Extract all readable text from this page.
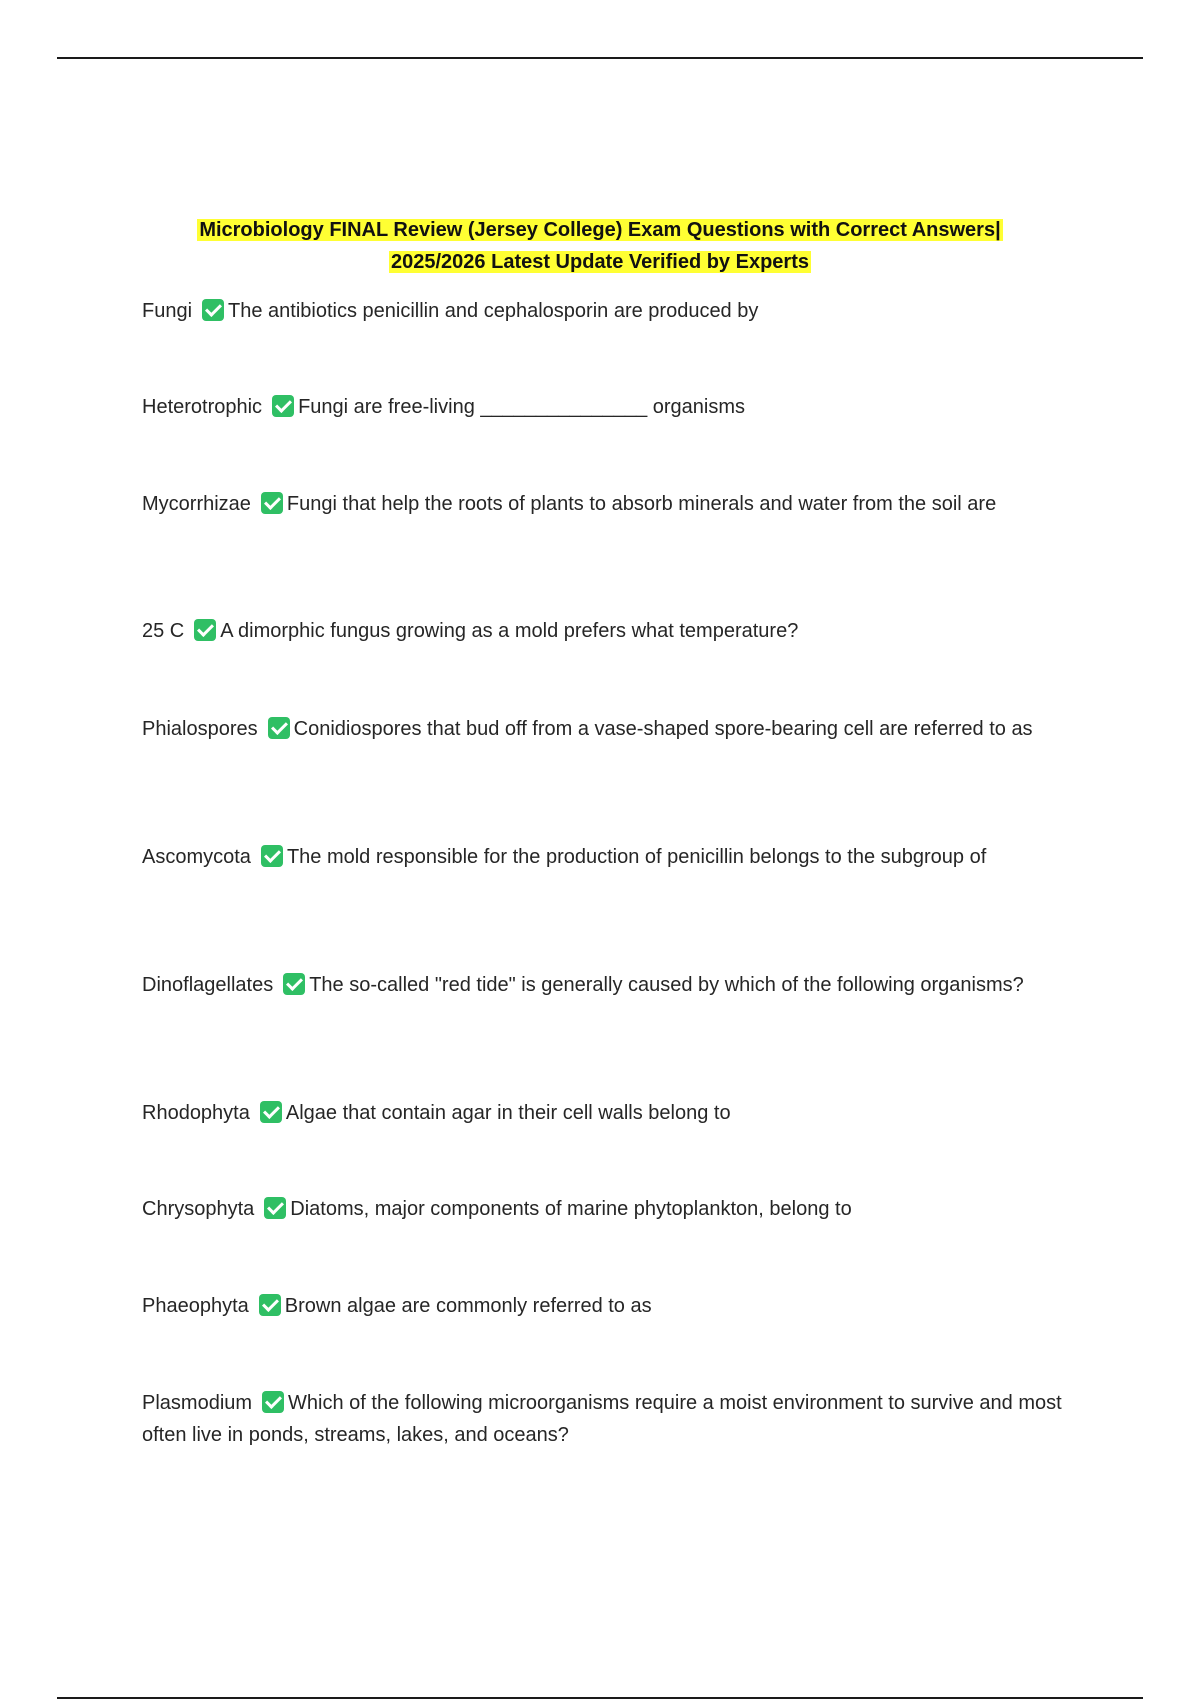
Microbiology FINAL Review (Jersey College) Exam Questions with Correct Answers|
2025/2026 Latest Update Verified by Experts
Fungi The antibiotics penicillin and cephalosporin are produced by
Heterotrophic Fungi are free-living _______________ organisms
Mycorrhizae Fungi that help the roots of plants to absorb minerals and water from the soil are
25 C A dimorphic fungus growing as a mold prefers what temperature?
Phialospores Conidiospores that bud off from a vase-shaped spore-bearing cell are referred to as
Ascomycota The mold responsible for the production of penicillin belongs to the subgroup of
Dinoflagellates The so-called "red tide" is generally caused by which of the following organisms?
Rhodophyta Algae that contain agar in their cell walls belong to
Chrysophyta Diatoms, major components of marine phytoplankton, belong to
Phaeophyta Brown algae are commonly referred to as
Plasmodium Which of the following microorganisms require a moist environment to survive and most often live in ponds, streams, lakes, and oceans?
